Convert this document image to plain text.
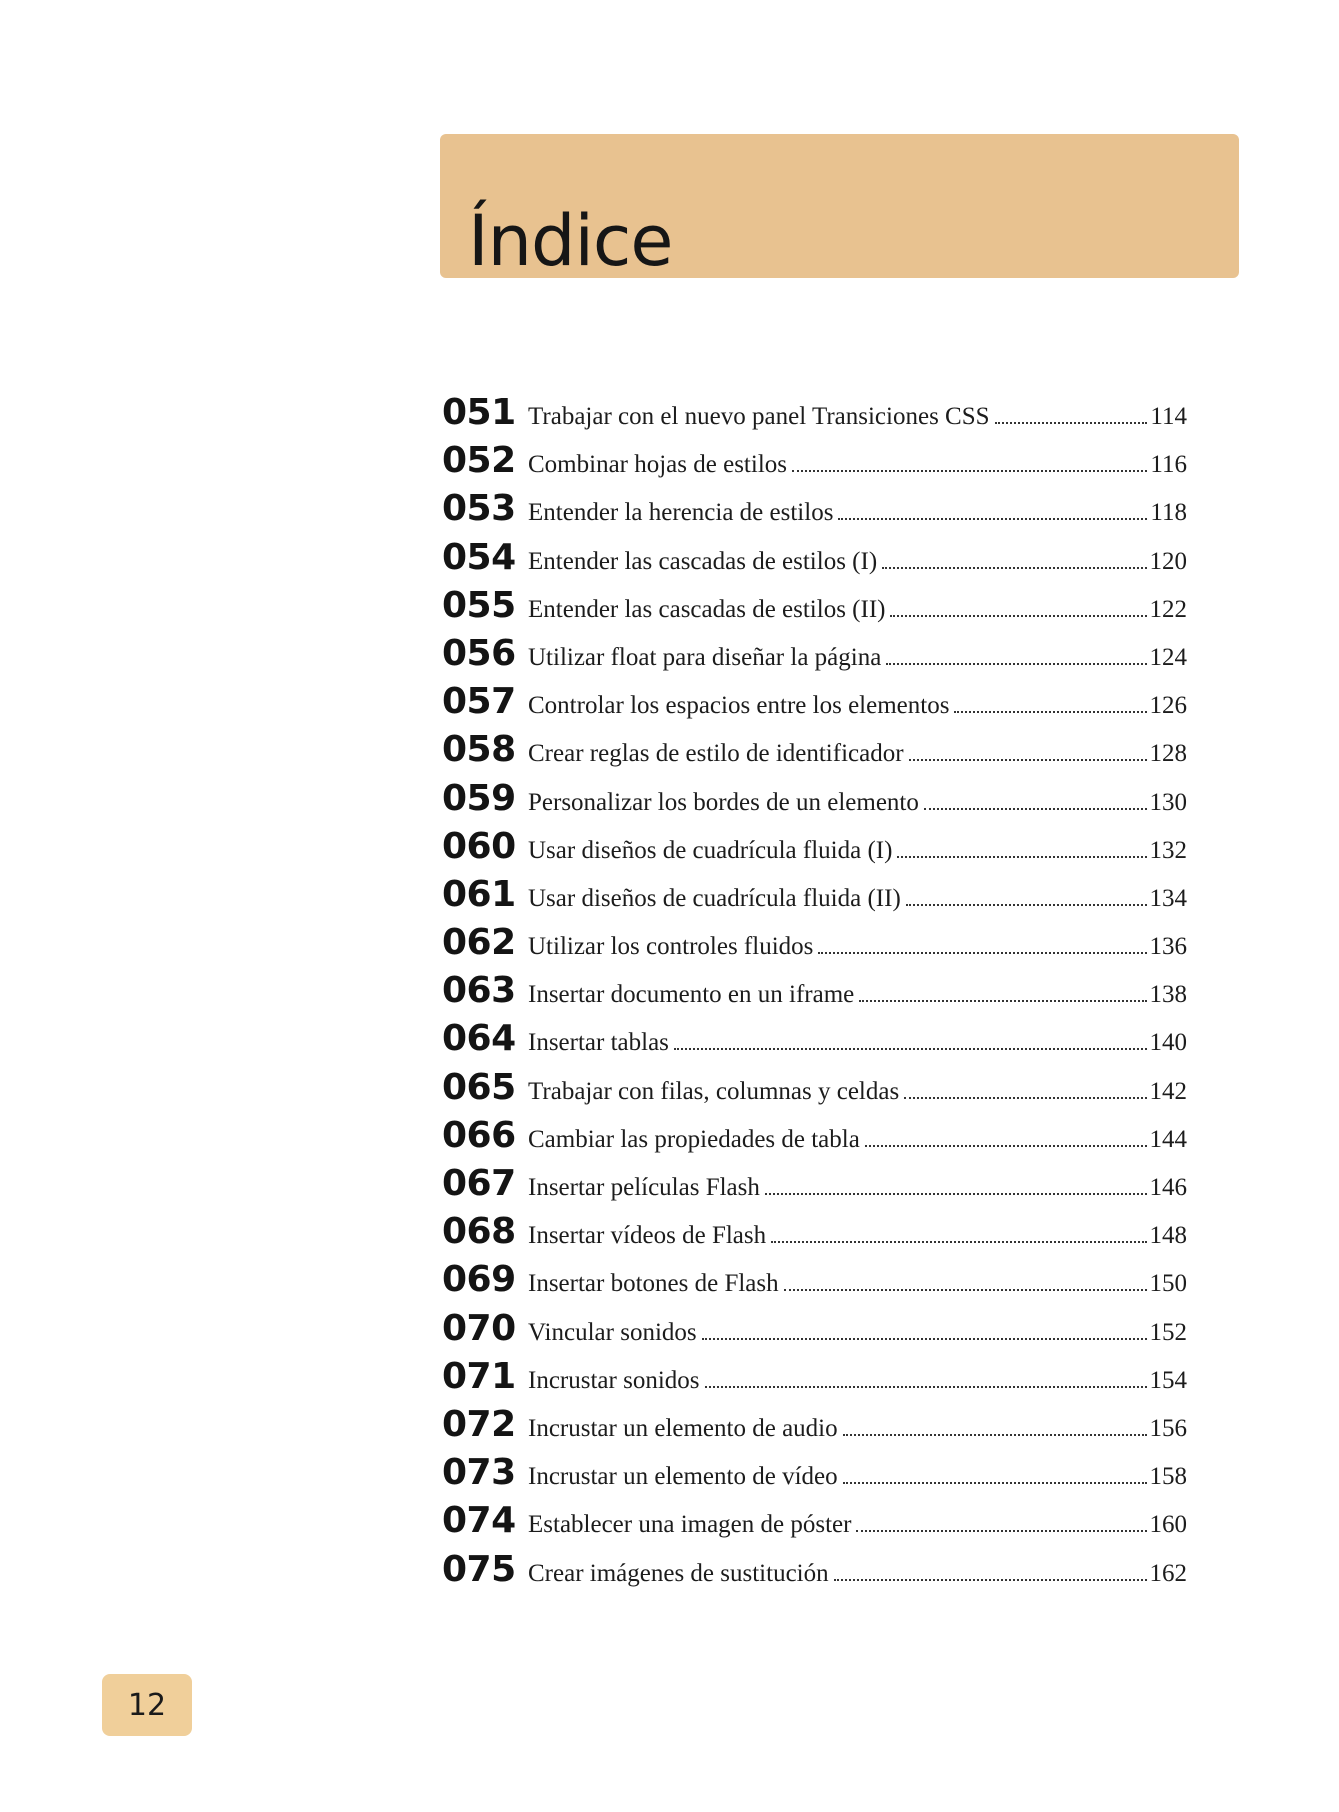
Índice
051 Trabajar con el nuevo panel Transiciones CSS	114
052 Combinar hojas de estilos	116
053 Entender la herencia de estilos	118
054 Entender las cascadas de estilos (I)	120
055 Entender las cascadas de estilos (II)	122
056 Utilizar float para diseñar la página	124
057 Controlar los espacios entre los elementos	126
058 Crear reglas de estilo de identificador	128
059 Personalizar los bordes de un elemento	130
060 Usar diseños de cuadrícula fluida (I)	132
061 Usar diseños de cuadrícula fluida (II)	134
062 Utilizar los controles fluidos	136
063 Insertar documento en un iframe	138
064 Insertar tablas	140
065 Trabajar con filas, columnas y celdas	142
066 Cambiar las propiedades de tabla	144
067 Insertar películas Flash	146
068 Insertar vídeos de Flash	148
069 Insertar botones de Flash	150
070 Vincular sonidos	152
071 Incrustar sonidos	154
072 Incrustar un elemento de audio	156
073 Incrustar un elemento de vídeo	158
074 Establecer una imagen de póster	160
075 Crear imágenes de sustitución	162
12
